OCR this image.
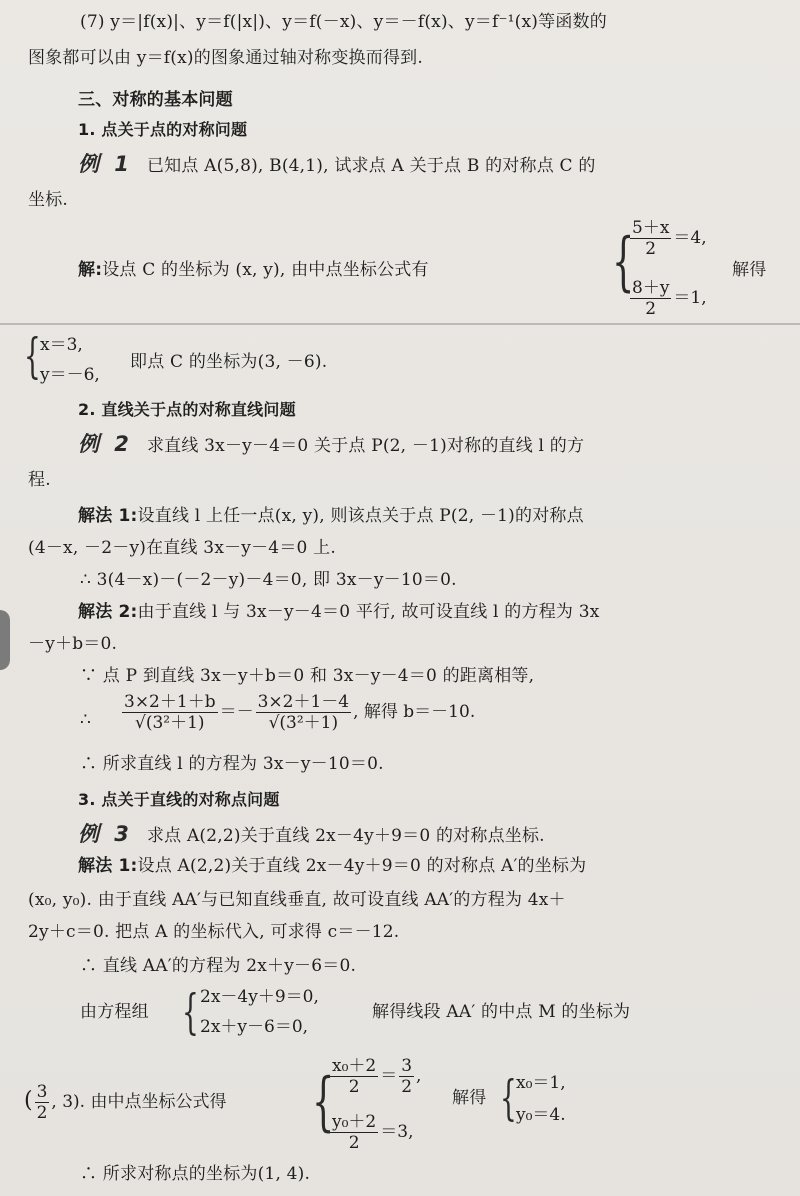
(7) y＝|f(x)|、y＝f(|x|)、y＝f(－x)、y＝－f(x)、y＝f⁻¹(x)等函数的
图象都可以由 y＝f(x)的图象通过轴对称变换而得到.
三、对称的基本问题
1. 点关于点的对称问题
例 1 已知点 A(5,8), B(4,1), 试求点 A 关于点 B 的对称点 C 的
坐标.
解:设点 C 的坐标为 (x, y), 由中点坐标公式有	{
$\frac{5+x}{2} =4$,
$\frac{8+y}{2} =1$,
解得
{ x＝3,
y＝－6,
即点 C 的坐标为(3, －6).
2. 直线关于点的对称直线问题
例 2 求直线 3x－y－4＝0 关于点 P(2, －1)对称的直线 l 的方
程.
解法 1:设直线 l 上任一点(x, y), 则该点关于点 P(2, －1)的对称点
(4－x, －2－y)在直线 3x－y－4＝0 上.
∴ 3(4－x)－(－2－y)－4＝0, 即 3x－y－10＝0.
解法 2:由于直线 l 与 3x－y－4＝0 平行, 故可设直线 l 的方程为 3x
－y＋b＝0.
∵ 点 P 到直线 3x－y＋b＝0 和 3x－y－4＝0 的距离相等,
∴ $\frac{3\times 2+1+b}{\text{√(3²＋1)}} =- \frac{3\times 2+1-4}{\text{√(3²＋1)}}$ , 解得 b＝－10.
∴ 所求直线 l 的方程为 3x－y－10＝0.
3. 点关于直线的对称点问题
例 3 求点 A(2,2)关于直线 2x－4y＋9＝0 的对称点坐标.
解法 1:设点 A(2,2)关于直线 2x－4y＋9＝0 的对称点 A′的坐标为
(x₀, y₀). 由于直线 AA′与已知直线垂直, 故可设直线 AA′的方程为 4x＋
2y＋c＝0. 把点 A 的坐标代入, 可求得 c＝－12.
∴ 直线 AA′的方程为 2x＋y－6＝0.
由方程组 { 2x－4y＋9＝0,
2x＋y－6＝0,
解得线段 AA′ 的中点 M 的坐标为
( $\frac{3}{2}$ , 3). 由中点坐标公式得 {
$\frac{\text{x₀＋2}}{2} = \frac{3}{2}$ ,
$\frac{\text{y₀＋2}}{2} =3$,
解得 { x₀＝1,
y₀＝4.
∴ 所求对称点的坐标为(1, 4).
